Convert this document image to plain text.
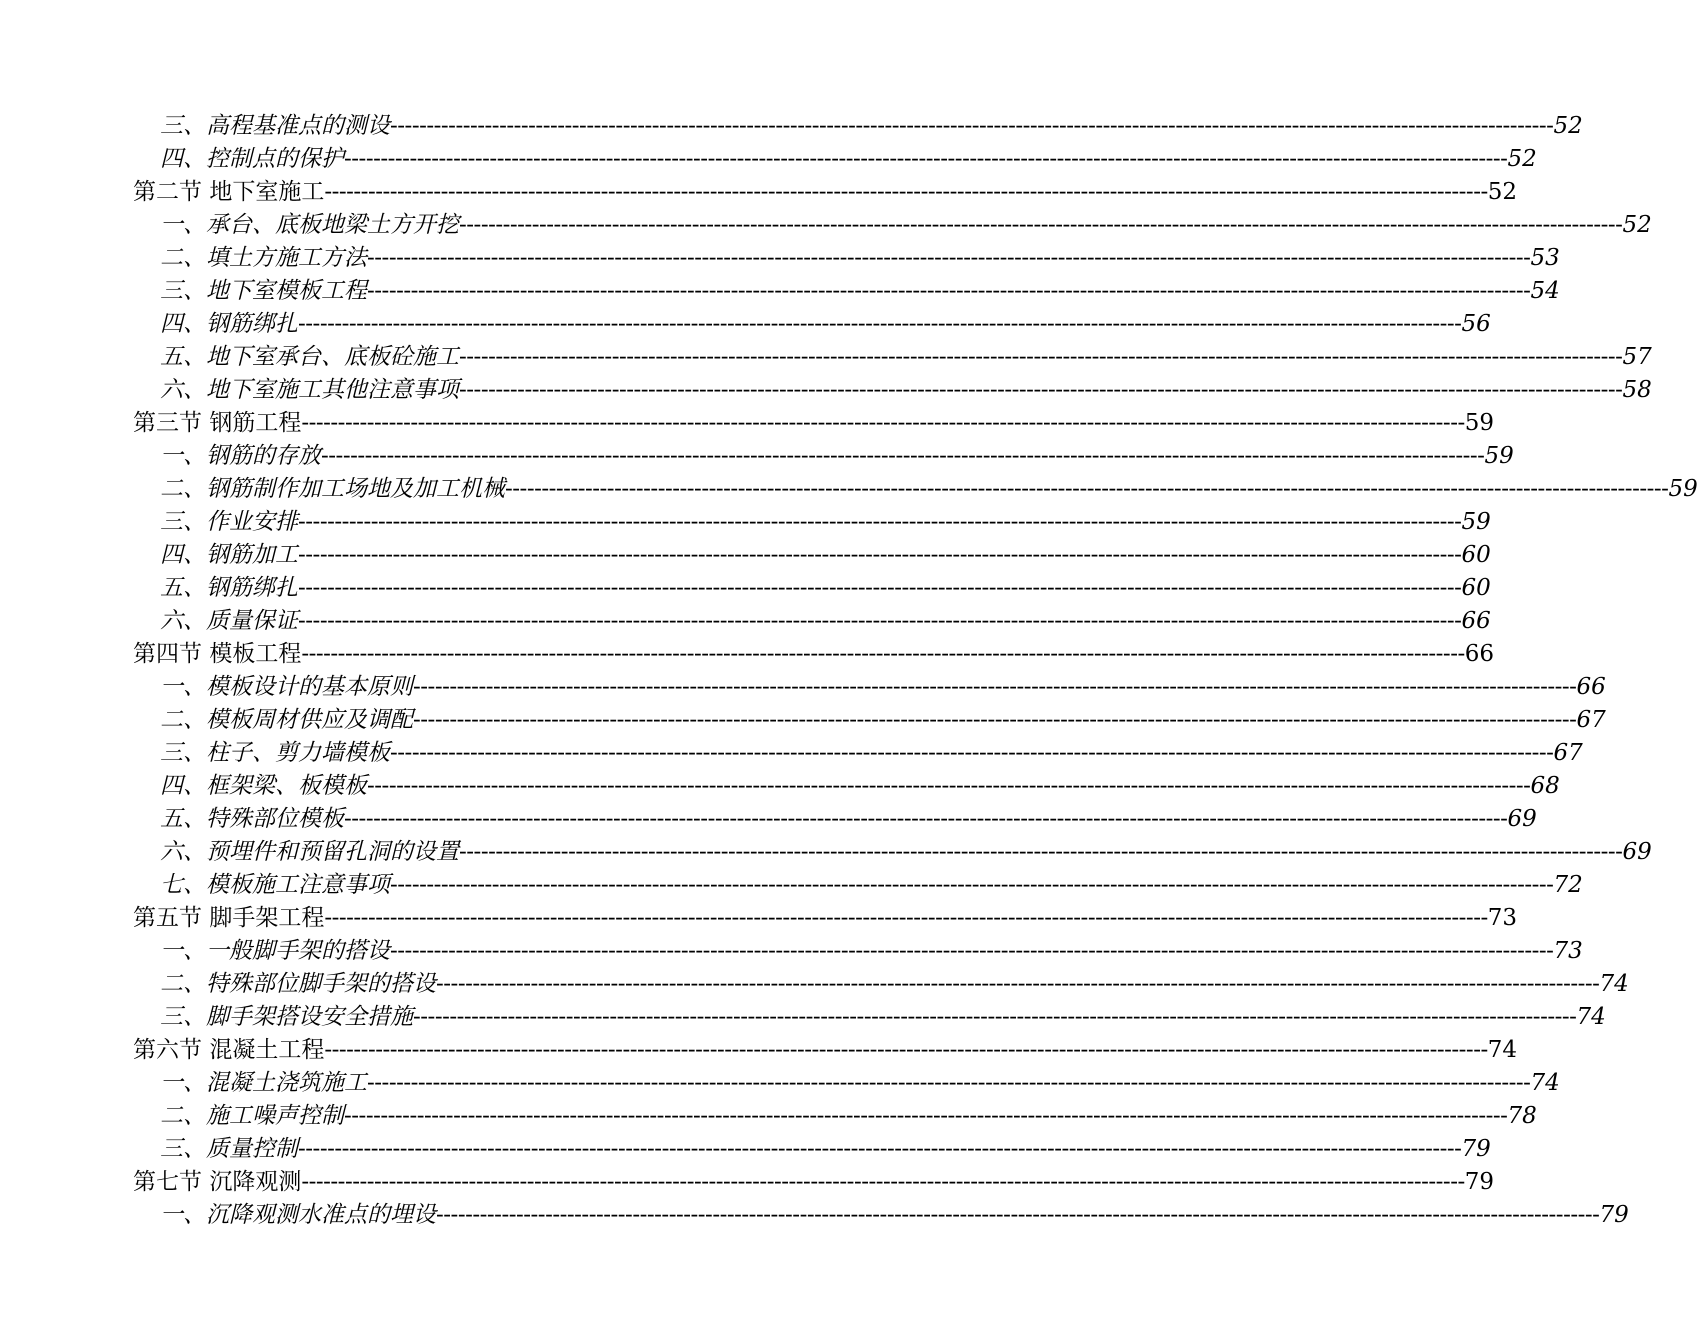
三、高程基准点的测设 ---------------------------------------------------------------------------------------------------------------------------------------------------------------- 52
四、控制点的保护 ---------------------------------------------------------------------------------------------------------------------------------------------------------------- 52
第二节 地下室施工 ---------------------------------------------------------------------------------------------------------------------------------------------------------------- 52
一、承台、底板地梁土方开挖 ---------------------------------------------------------------------------------------------------------------------------------------------------------------- 52
二、填土方施工方法 ---------------------------------------------------------------------------------------------------------------------------------------------------------------- 53
三、地下室模板工程 ---------------------------------------------------------------------------------------------------------------------------------------------------------------- 54
四、钢筋绑扎 ---------------------------------------------------------------------------------------------------------------------------------------------------------------- 56
五、地下室承台、底板砼施工 ---------------------------------------------------------------------------------------------------------------------------------------------------------------- 57
六、地下室施工其他注意事项 ---------------------------------------------------------------------------------------------------------------------------------------------------------------- 58
第三节 钢筋工程 ---------------------------------------------------------------------------------------------------------------------------------------------------------------- 59
一、钢筋的存放 ---------------------------------------------------------------------------------------------------------------------------------------------------------------- 59
二、钢筋制作加工场地及加工机械 ---------------------------------------------------------------------------------------------------------------------------------------------------------------- 59
三、作业安排 ---------------------------------------------------------------------------------------------------------------------------------------------------------------- 59
四、钢筋加工 ---------------------------------------------------------------------------------------------------------------------------------------------------------------- 60
五、钢筋绑扎 ---------------------------------------------------------------------------------------------------------------------------------------------------------------- 60
六、质量保证 ---------------------------------------------------------------------------------------------------------------------------------------------------------------- 66
第四节 模板工程 ---------------------------------------------------------------------------------------------------------------------------------------------------------------- 66
一、模板设计的基本原则 ---------------------------------------------------------------------------------------------------------------------------------------------------------------- 66
二、模板周材供应及调配 ---------------------------------------------------------------------------------------------------------------------------------------------------------------- 67
三、柱子、剪力墙模板 ---------------------------------------------------------------------------------------------------------------------------------------------------------------- 67
四、框架梁、板模板 ---------------------------------------------------------------------------------------------------------------------------------------------------------------- 68
五、特殊部位模板 ---------------------------------------------------------------------------------------------------------------------------------------------------------------- 69
六、预埋件和预留孔洞的设置 ---------------------------------------------------------------------------------------------------------------------------------------------------------------- 69
七、模板施工注意事项 ---------------------------------------------------------------------------------------------------------------------------------------------------------------- 72
第五节 脚手架工程 ---------------------------------------------------------------------------------------------------------------------------------------------------------------- 73
一、一般脚手架的搭设 ---------------------------------------------------------------------------------------------------------------------------------------------------------------- 73
二、特殊部位脚手架的搭设 ---------------------------------------------------------------------------------------------------------------------------------------------------------------- 74
三、脚手架搭设安全措施 ---------------------------------------------------------------------------------------------------------------------------------------------------------------- 74
第六节 混凝土工程 ---------------------------------------------------------------------------------------------------------------------------------------------------------------- 74
一、混凝土浇筑施工 ---------------------------------------------------------------------------------------------------------------------------------------------------------------- 74
二、施工噪声控制 ---------------------------------------------------------------------------------------------------------------------------------------------------------------- 78
三、质量控制 ---------------------------------------------------------------------------------------------------------------------------------------------------------------- 79
第七节 沉降观测 ---------------------------------------------------------------------------------------------------------------------------------------------------------------- 79
一、沉降观测水准点的埋设 ---------------------------------------------------------------------------------------------------------------------------------------------------------------- 79
